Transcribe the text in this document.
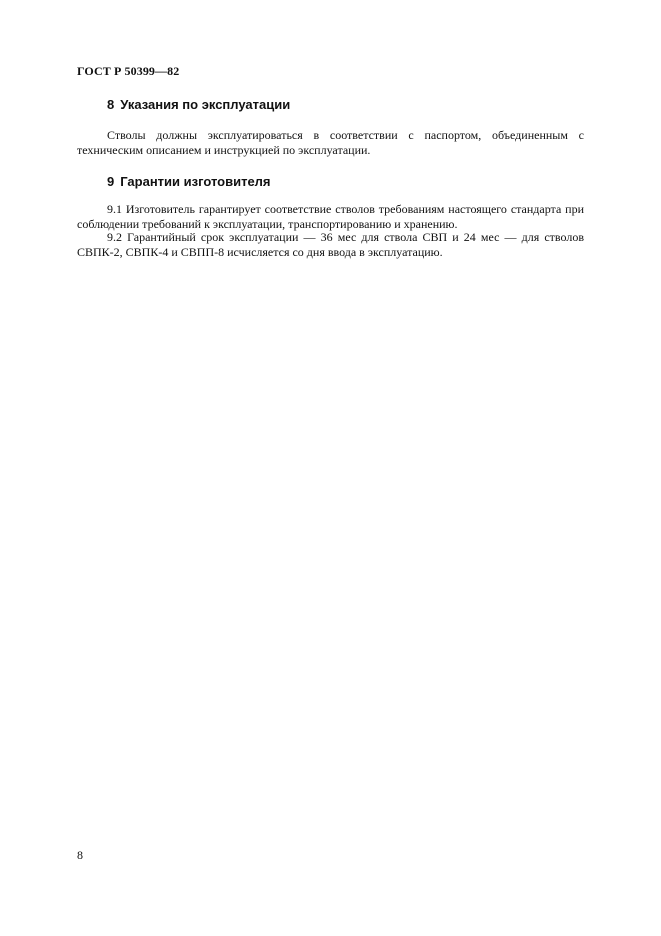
ГОСТ Р 50399—82
8 Указания по эксплуатации

Стволы должны эксплуатироваться в соответствии с паспортом, объединенным с техническим описанием и инструкцией по эксплуатации.

9 Гарантии изготовителя

9.1 Изготовитель гарантирует соответствие стволов требованиям настоящего стандарта при соблюдении требований к эксплуатации, транспортированию и хранению.

9.2 Гарантийный срок эксплуатации — 36 мес для ствола СВП и 24 мес — для стволов СВПК-2, СВПК-4 и СВПП-8 исчисляется со дня ввода в эксплуатацию.

8
